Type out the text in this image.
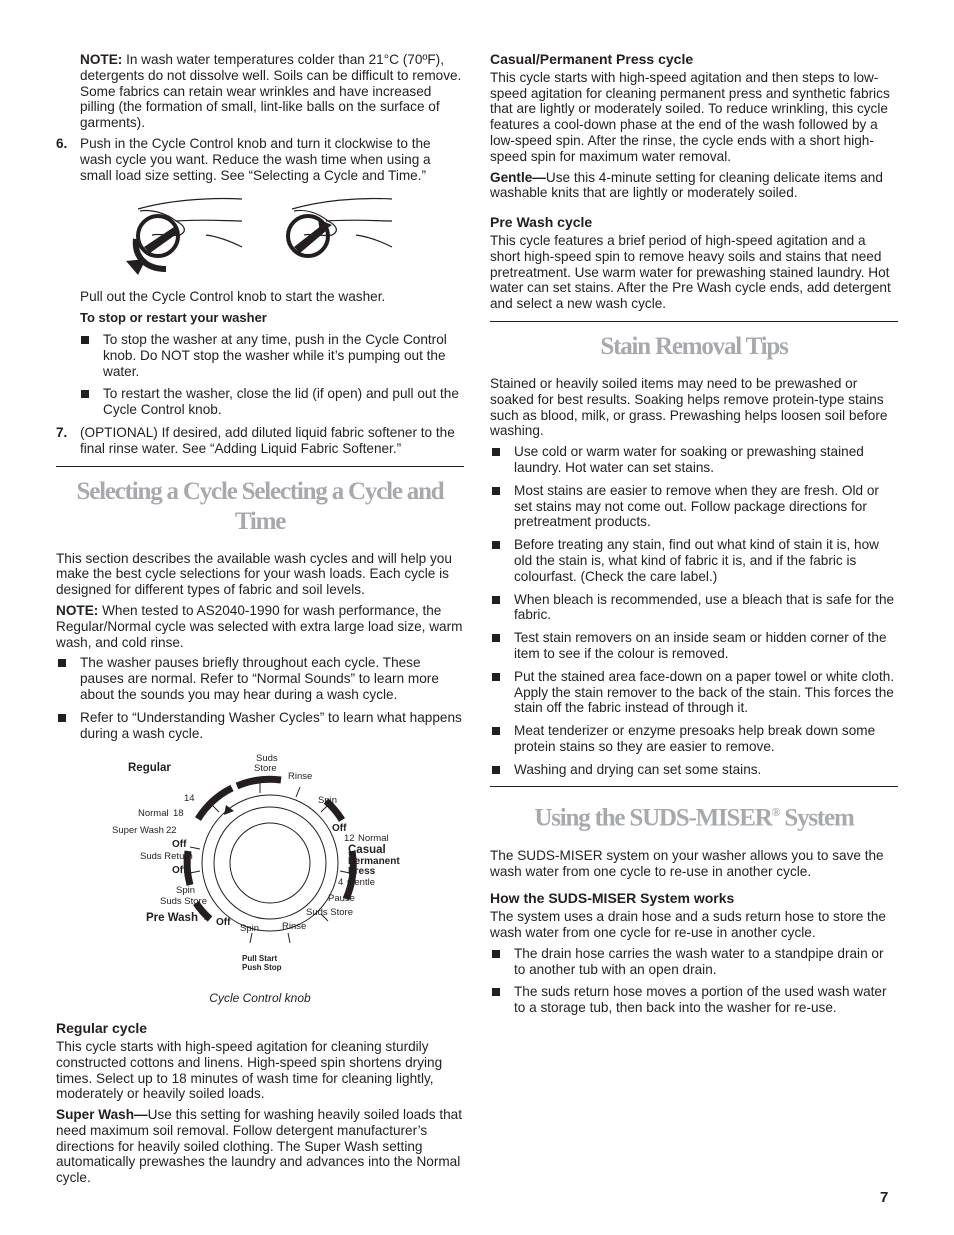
NOTE: In wash water temperatures colder than 21°C (70ºF), detergents do not dissolve well. Soils can be difficult to remove. Some fabrics can retain wear wrinkles and have increased pilling (the formation of small, lint-like balls on the surface of garments).

6. Push in the Cycle Control knob and turn it clockwise to the wash cycle you want. Reduce the wash time when using a small load size setting. See “Selecting a Cycle and Time.”

Pull out the Cycle Control knob to start the washer.

To stop or restart your washer
To stop the washer at any time, push in the Cycle Control knob. Do NOT stop the washer while it’s pumping out the water.
To restart the washer, close the lid (if open) and pull out the Cycle Control knob.
7. (OPTIONAL) If desired, add diluted liquid fabric softener to the final rinse water. See “Adding Liquid Fabric Softener.”
Selecting a Cycle Selecting a Cycle and Time

This section describes the available wash cycles and will help you make the best cycle selections for your wash loads. Each cycle is designed for different types of fabric and soil levels.

NOTE: When tested to AS2040-1990 for wash performance, the Regular/Normal cycle was selected with extra large load size, warm wash, and cold rinse.

The washer pauses briefly throughout each cycle. These pauses are normal. Refer to “Normal Sounds” to learn more about the sounds you may hear during a wash cycle.
Refer to “Understanding Washer Cycles” to learn what happens during a wash cycle.
Regular
Suds
Store
Rinse
Spin
Off
12 Normal
Casual
Permanent
Press
4 Gentle
Pause
Suds Store
Rinse
Spin
Off
Pre Wash 4
Spin
Suds Store
Off
Suds Return
Off
Super Wash 22
Normal 18
14
Pull Start
Push Stop
Cycle Control knob
Regular cycle

This cycle starts with high-speed agitation for cleaning sturdily constructed cottons and linens. High-speed spin shortens drying times. Select up to 18 minutes of wash time for cleaning lightly, moderately or heavily soiled loads.

Super Wash—Use this setting for washing heavily soiled loads that need maximum soil removal. Follow detergent manufacturer’s directions for heavily soiled clothing. The Super Wash setting automatically prewashes the laundry and advances into the Normal cycle.

Casual/Permanent Press cycle

This cycle starts with high-speed agitation and then steps to low-speed agitation for cleaning permanent press and synthetic fabrics that are lightly or moderately soiled. To reduce wrinkling, this cycle features a cool-down phase at the end of the wash followed by a low-speed spin. After the rinse, the cycle ends with a short high-speed spin for maximum water removal.

Gentle—Use this 4-minute setting for cleaning delicate items and washable knits that are lightly or moderately soiled.

Pre Wash cycle

This cycle features a brief period of high-speed agitation and a short high-speed spin to remove heavy soils and stains that need pretreatment. Use warm water for prewashing stained laundry. Hot water can set stains. After the Pre Wash cycle ends, add detergent and select a new wash cycle.

Stain Removal Tips

Stained or heavily soiled items may need to be prewashed or soaked for best results. Soaking helps remove protein-type stains such as blood, milk, or grass. Prewashing helps loosen soil before washing.

Use cold or warm water for soaking or prewashing stained laundry. Hot water can set stains.
Most stains are easier to remove when they are fresh. Old or set stains may not come out. Follow package directions for pretreatment products.
Before treating any stain, find out what kind of stain it is, how old the stain is, what kind of fabric it is, and if the fabric is colourfast. (Check the care label.)
When bleach is recommended, use a bleach that is safe for the fabric.
Test stain removers on an inside seam or hidden corner of the item to see if the colour is removed.
Put the stained area face-down on a paper towel or white cloth. Apply the stain remover to the back of the stain. This forces the stain off the fabric instead of through it.
Meat tenderizer or enzyme presoaks help break down some protein stains so they are easier to remove.
Washing and drying can set some stains.
Using the SUDS-MISER® System

The SUDS-MISER system on your washer allows you to save the wash water from one cycle to re-use in another cycle.

How the SUDS-MISER System works

The system uses a drain hose and a suds return hose to store the wash water from one cycle for re-use in another cycle.

The drain hose carries the wash water to a standpipe drain or to another tub with an open drain.
The suds return hose moves a portion of the used wash water to a storage tub, then back into the washer for re-use.
7
